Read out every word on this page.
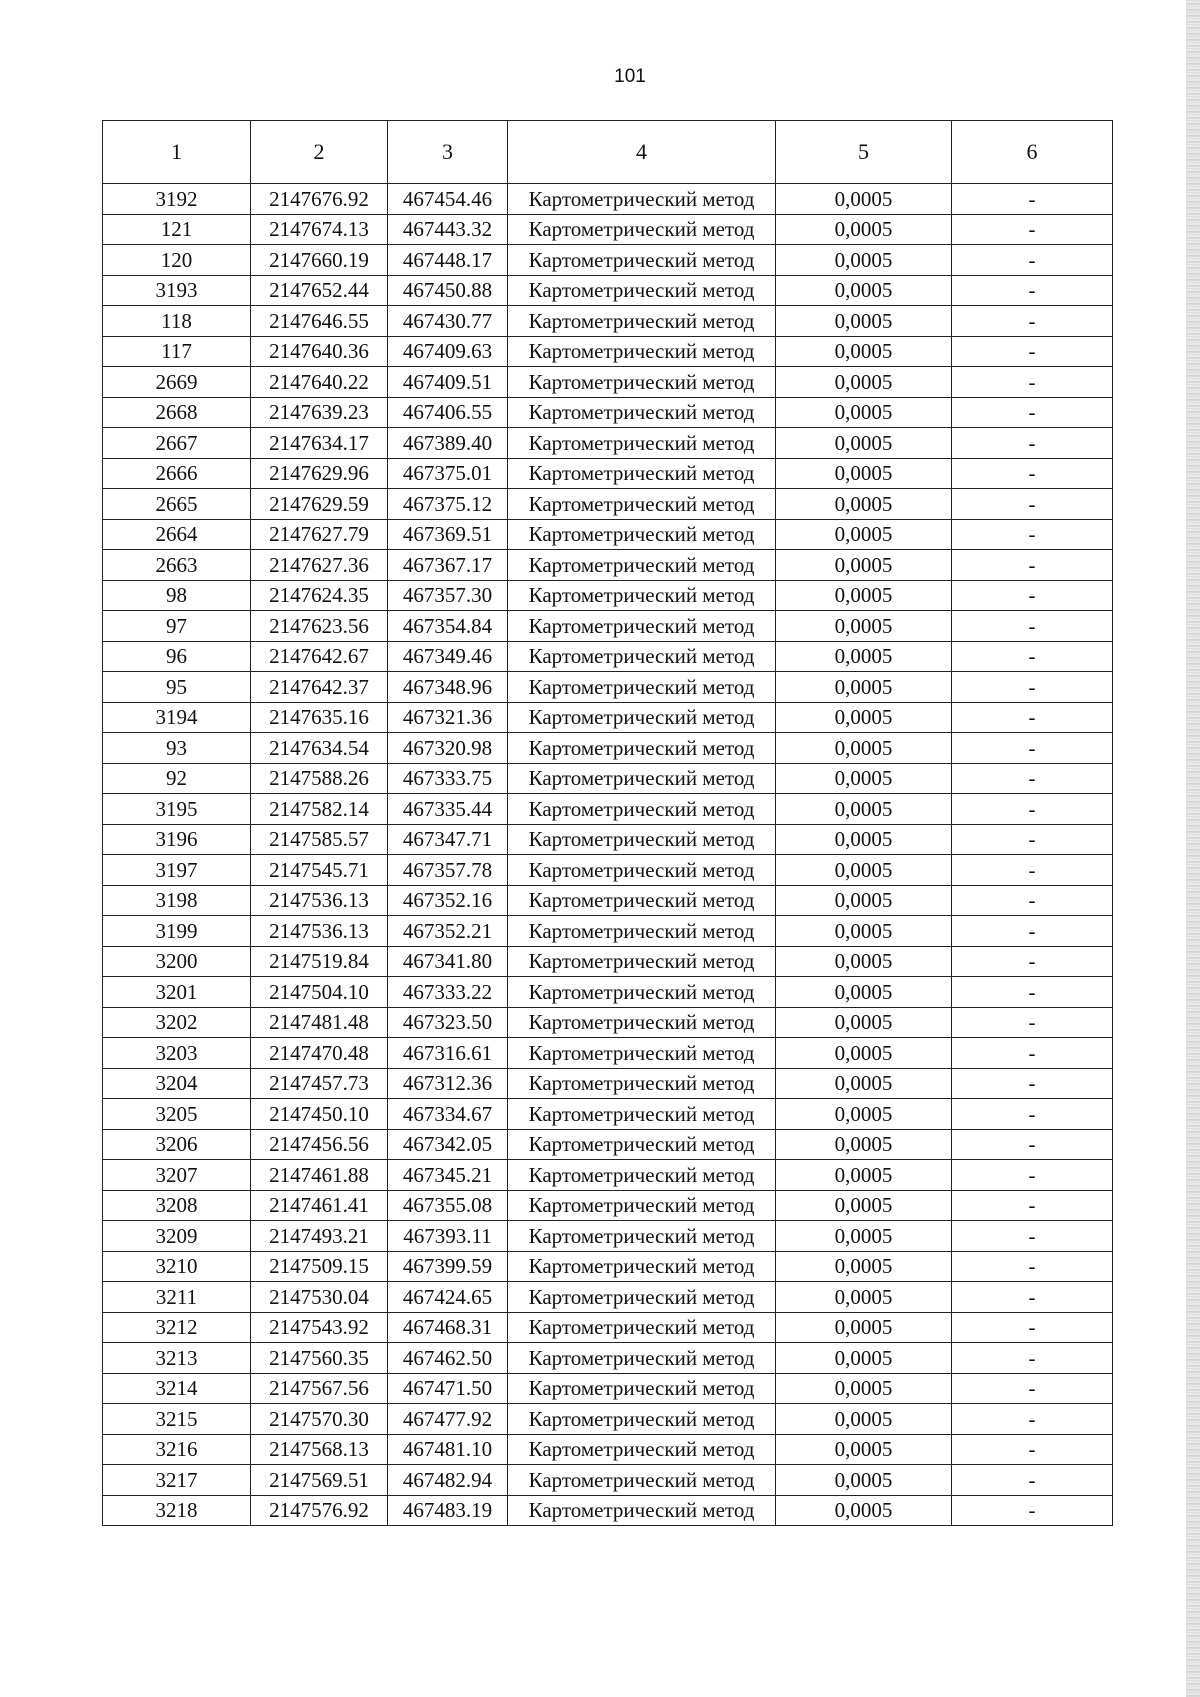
101
1	2	3	4	5	6
3192	2147676.92	467454.46	Картометрический метод	0,0005	-
121	2147674.13	467443.32	Картометрический метод	0,0005	-
120	2147660.19	467448.17	Картометрический метод	0,0005	-
3193	2147652.44	467450.88	Картометрический метод	0,0005	-
118	2147646.55	467430.77	Картометрический метод	0,0005	-
117	2147640.36	467409.63	Картометрический метод	0,0005	-
2669	2147640.22	467409.51	Картометрический метод	0,0005	-
2668	2147639.23	467406.55	Картометрический метод	0,0005	-
2667	2147634.17	467389.40	Картометрический метод	0,0005	-
2666	2147629.96	467375.01	Картометрический метод	0,0005	-
2665	2147629.59	467375.12	Картометрический метод	0,0005	-
2664	2147627.79	467369.51	Картометрический метод	0,0005	-
2663	2147627.36	467367.17	Картометрический метод	0,0005	-
98	2147624.35	467357.30	Картометрический метод	0,0005	-
97	2147623.56	467354.84	Картометрический метод	0,0005	-
96	2147642.67	467349.46	Картометрический метод	0,0005	-
95	2147642.37	467348.96	Картометрический метод	0,0005	-
3194	2147635.16	467321.36	Картометрический метод	0,0005	-
93	2147634.54	467320.98	Картометрический метод	0,0005	-
92	2147588.26	467333.75	Картометрический метод	0,0005	-
3195	2147582.14	467335.44	Картометрический метод	0,0005	-
3196	2147585.57	467347.71	Картометрический метод	0,0005	-
3197	2147545.71	467357.78	Картометрический метод	0,0005	-
3198	2147536.13	467352.16	Картометрический метод	0,0005	-
3199	2147536.13	467352.21	Картометрический метод	0,0005	-
3200	2147519.84	467341.80	Картометрический метод	0,0005	-
3201	2147504.10	467333.22	Картометрический метод	0,0005	-
3202	2147481.48	467323.50	Картометрический метод	0,0005	-
3203	2147470.48	467316.61	Картометрический метод	0,0005	-
3204	2147457.73	467312.36	Картометрический метод	0,0005	-
3205	2147450.10	467334.67	Картометрический метод	0,0005	-
3206	2147456.56	467342.05	Картометрический метод	0,0005	-
3207	2147461.88	467345.21	Картометрический метод	0,0005	-
3208	2147461.41	467355.08	Картометрический метод	0,0005	-
3209	2147493.21	467393.11	Картометрический метод	0,0005	-
3210	2147509.15	467399.59	Картометрический метод	0,0005	-
3211	2147530.04	467424.65	Картометрический метод	0,0005	-
3212	2147543.92	467468.31	Картометрический метод	0,0005	-
3213	2147560.35	467462.50	Картометрический метод	0,0005	-
3214	2147567.56	467471.50	Картометрический метод	0,0005	-
3215	2147570.30	467477.92	Картометрический метод	0,0005	-
3216	2147568.13	467481.10	Картометрический метод	0,0005	-
3217	2147569.51	467482.94	Картометрический метод	0,0005	-
3218	2147576.92	467483.19	Картометрический метод	0,0005	-
